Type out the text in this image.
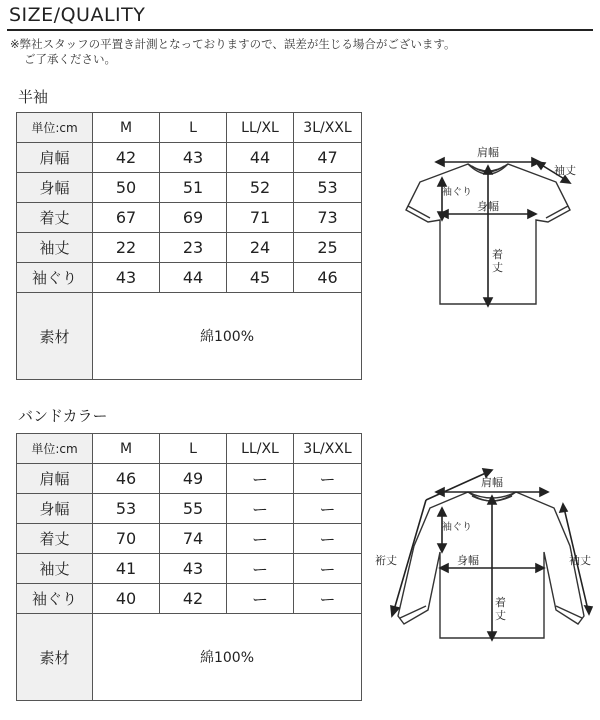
SIZE/QUALITY
※弊社スタッフの平置き計測となっておりますので、誤差が生じる場合がございます。
ご了承ください。
半袖
単位:cm	M	L	LL/XL	3L/XXL
肩幅	42	43	44	47
身幅	50	51	52	53
着丈	67	69	71	73
袖丈	22	23	24	25
袖ぐり	43	44	45	46
素材	綿100%			
肩幅
袖丈
袖ぐり
身幅
着
丈
バンドカラー
単位:cm	M	L	LL/XL	3L/XXL
肩幅	46	49	ー	ー
身幅	53	55	ー	ー
着丈	70	74	ー	ー
袖丈	41	43	ー	ー
袖ぐり	40	42	ー	ー
素材	綿100%			
裄丈
肩幅
袖丈
袖ぐり
身幅
着
丈
